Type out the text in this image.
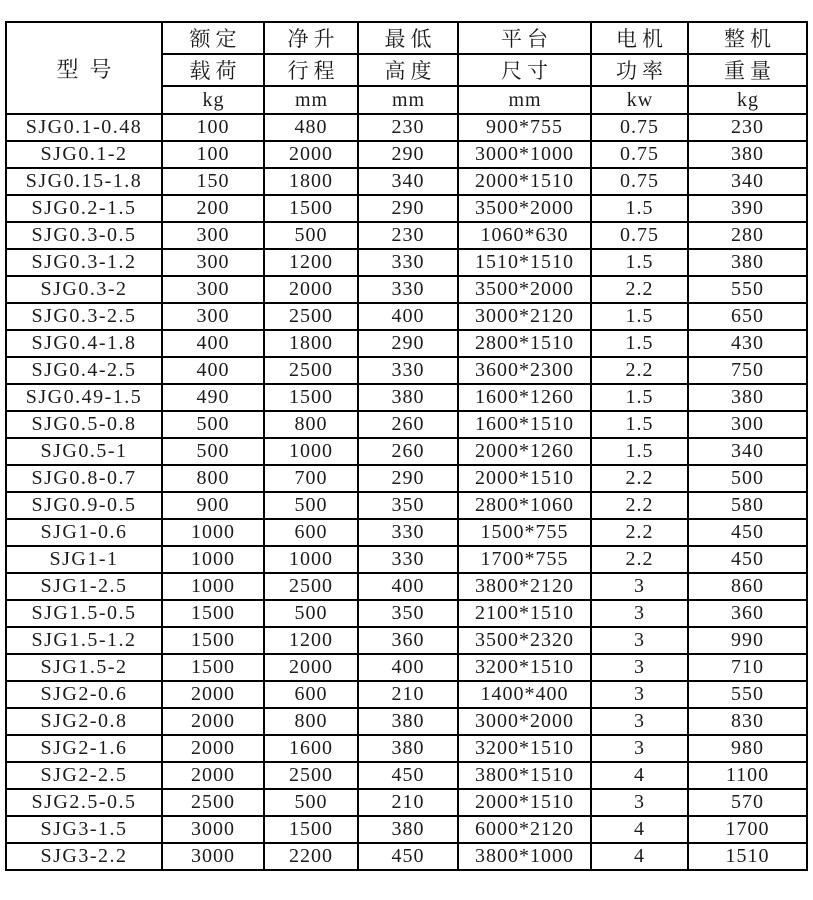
型号	额定	净升	最低	平台	电机	整机
	载荷	行程	高度	尺寸	功率	重量
	kg	mm	mm	mm	kw	kg
SJG0.1-0.48	100	480	230	900*755	0.75	230
SJG0.1-2	100	2000	290	3000*1000	0.75	380
SJG0.15-1.8	150	1800	340	2000*1510	0.75	340
SJG0.2-1.5	200	1500	290	3500*2000	1.5	390
SJG0.3-0.5	300	500	230	1060*630	0.75	280
SJG0.3-1.2	300	1200	330	1510*1510	1.5	380
SJG0.3-2	300	2000	330	3500*2000	2.2	550
SJG0.3-2.5	300	2500	400	3000*2120	1.5	650
SJG0.4-1.8	400	1800	290	2800*1510	1.5	430
SJG0.4-2.5	400	2500	330	3600*2300	2.2	750
SJG0.49-1.5	490	1500	380	1600*1260	1.5	380
SJG0.5-0.8	500	800	260	1600*1510	1.5	300
SJG0.5-1	500	1000	260	2000*1260	1.5	340
SJG0.8-0.7	800	700	290	2000*1510	2.2	500
SJG0.9-0.5	900	500	350	2800*1060	2.2	580
SJG1-0.6	1000	600	330	1500*755	2.2	450
SJG1-1	1000	1000	330	1700*755	2.2	450
SJG1-2.5	1000	2500	400	3800*2120	3	860
SJG1.5-0.5	1500	500	350	2100*1510	3	360
SJG1.5-1.2	1500	1200	360	3500*2320	3	990
SJG1.5-2	1500	2000	400	3200*1510	3	710
SJG2-0.6	2000	600	210	1400*400	3	550
SJG2-0.8	2000	800	380	3000*2000	3	830
SJG2-1.6	2000	1600	380	3200*1510	3	980
SJG2-2.5	2000	2500	450	3800*1510	4	1100
SJG2.5-0.5	2500	500	210	2000*1510	3	570
SJG3-1.5	3000	1500	380	6000*2120	4	1700
SJG3-2.2	3000	2200	450	3800*1000	4	1510
